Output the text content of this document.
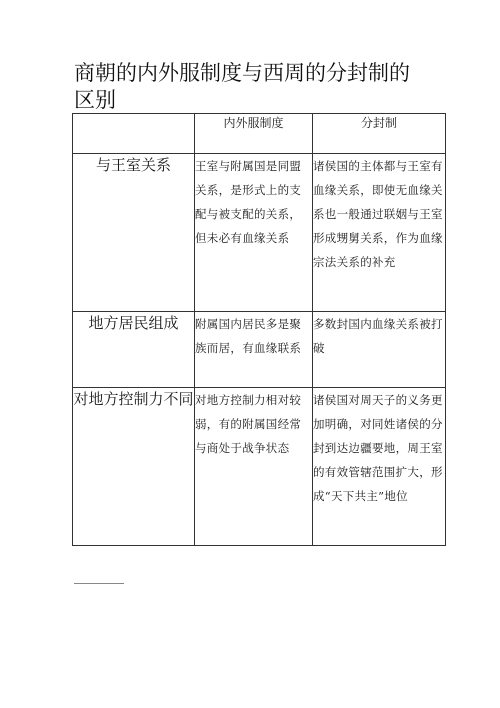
商朝的内外服制度与西周的分封制的区别
	内外服制度	分封制
与王室关系	王室与附属国是同盟关系，是形式上的支配与被支配的关系，但未必有血缘关系	诸侯国的主体都与王室有血缘关系，即使无血缘关系也一般通过联姻与王室形成甥舅关系，作为血缘宗法关系的补充
地方居民组成	附属国内居民多是聚族而居，有血缘联系	多数封国内血缘关系被打破
对地方控制力不同	对地方控制力相对较弱，有的附属国经常与商处于战争状态	诸侯国对周天子的义务更加明确，对同姓诸侯的分封到达边疆要地，周王室的有效管辖范围扩大，形成“天下共主”地位
